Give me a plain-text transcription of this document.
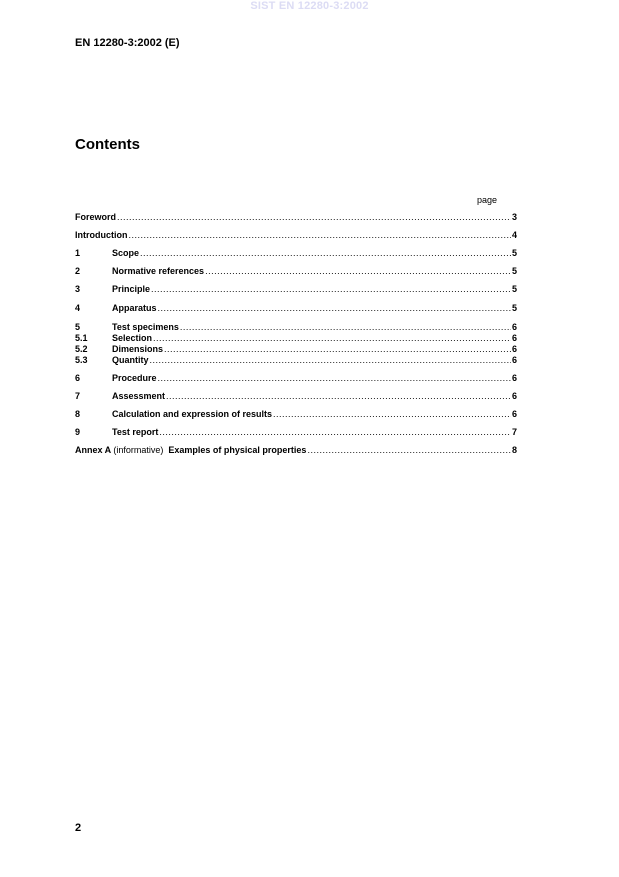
SIST EN 12280-3:2002
EN 12280-3:2002 (E)
Contents
page
Foreword .....	3
Introduction .....	4
1	Scope .....	5
2	Normative references .....	5
3	Principle .....	5
4	Apparatus .....	5
5	Test specimens .....	6
5.1	Selection .....	6
5.2	Dimensions .....	6
5.3	Quantity .....	6
6	Procedure .....	6
7	Assessment .....	6
8	Calculation and expression of results .....	6
9	Test report .....	7
Annex A (informative) Examples of physical properties .....	8
2
